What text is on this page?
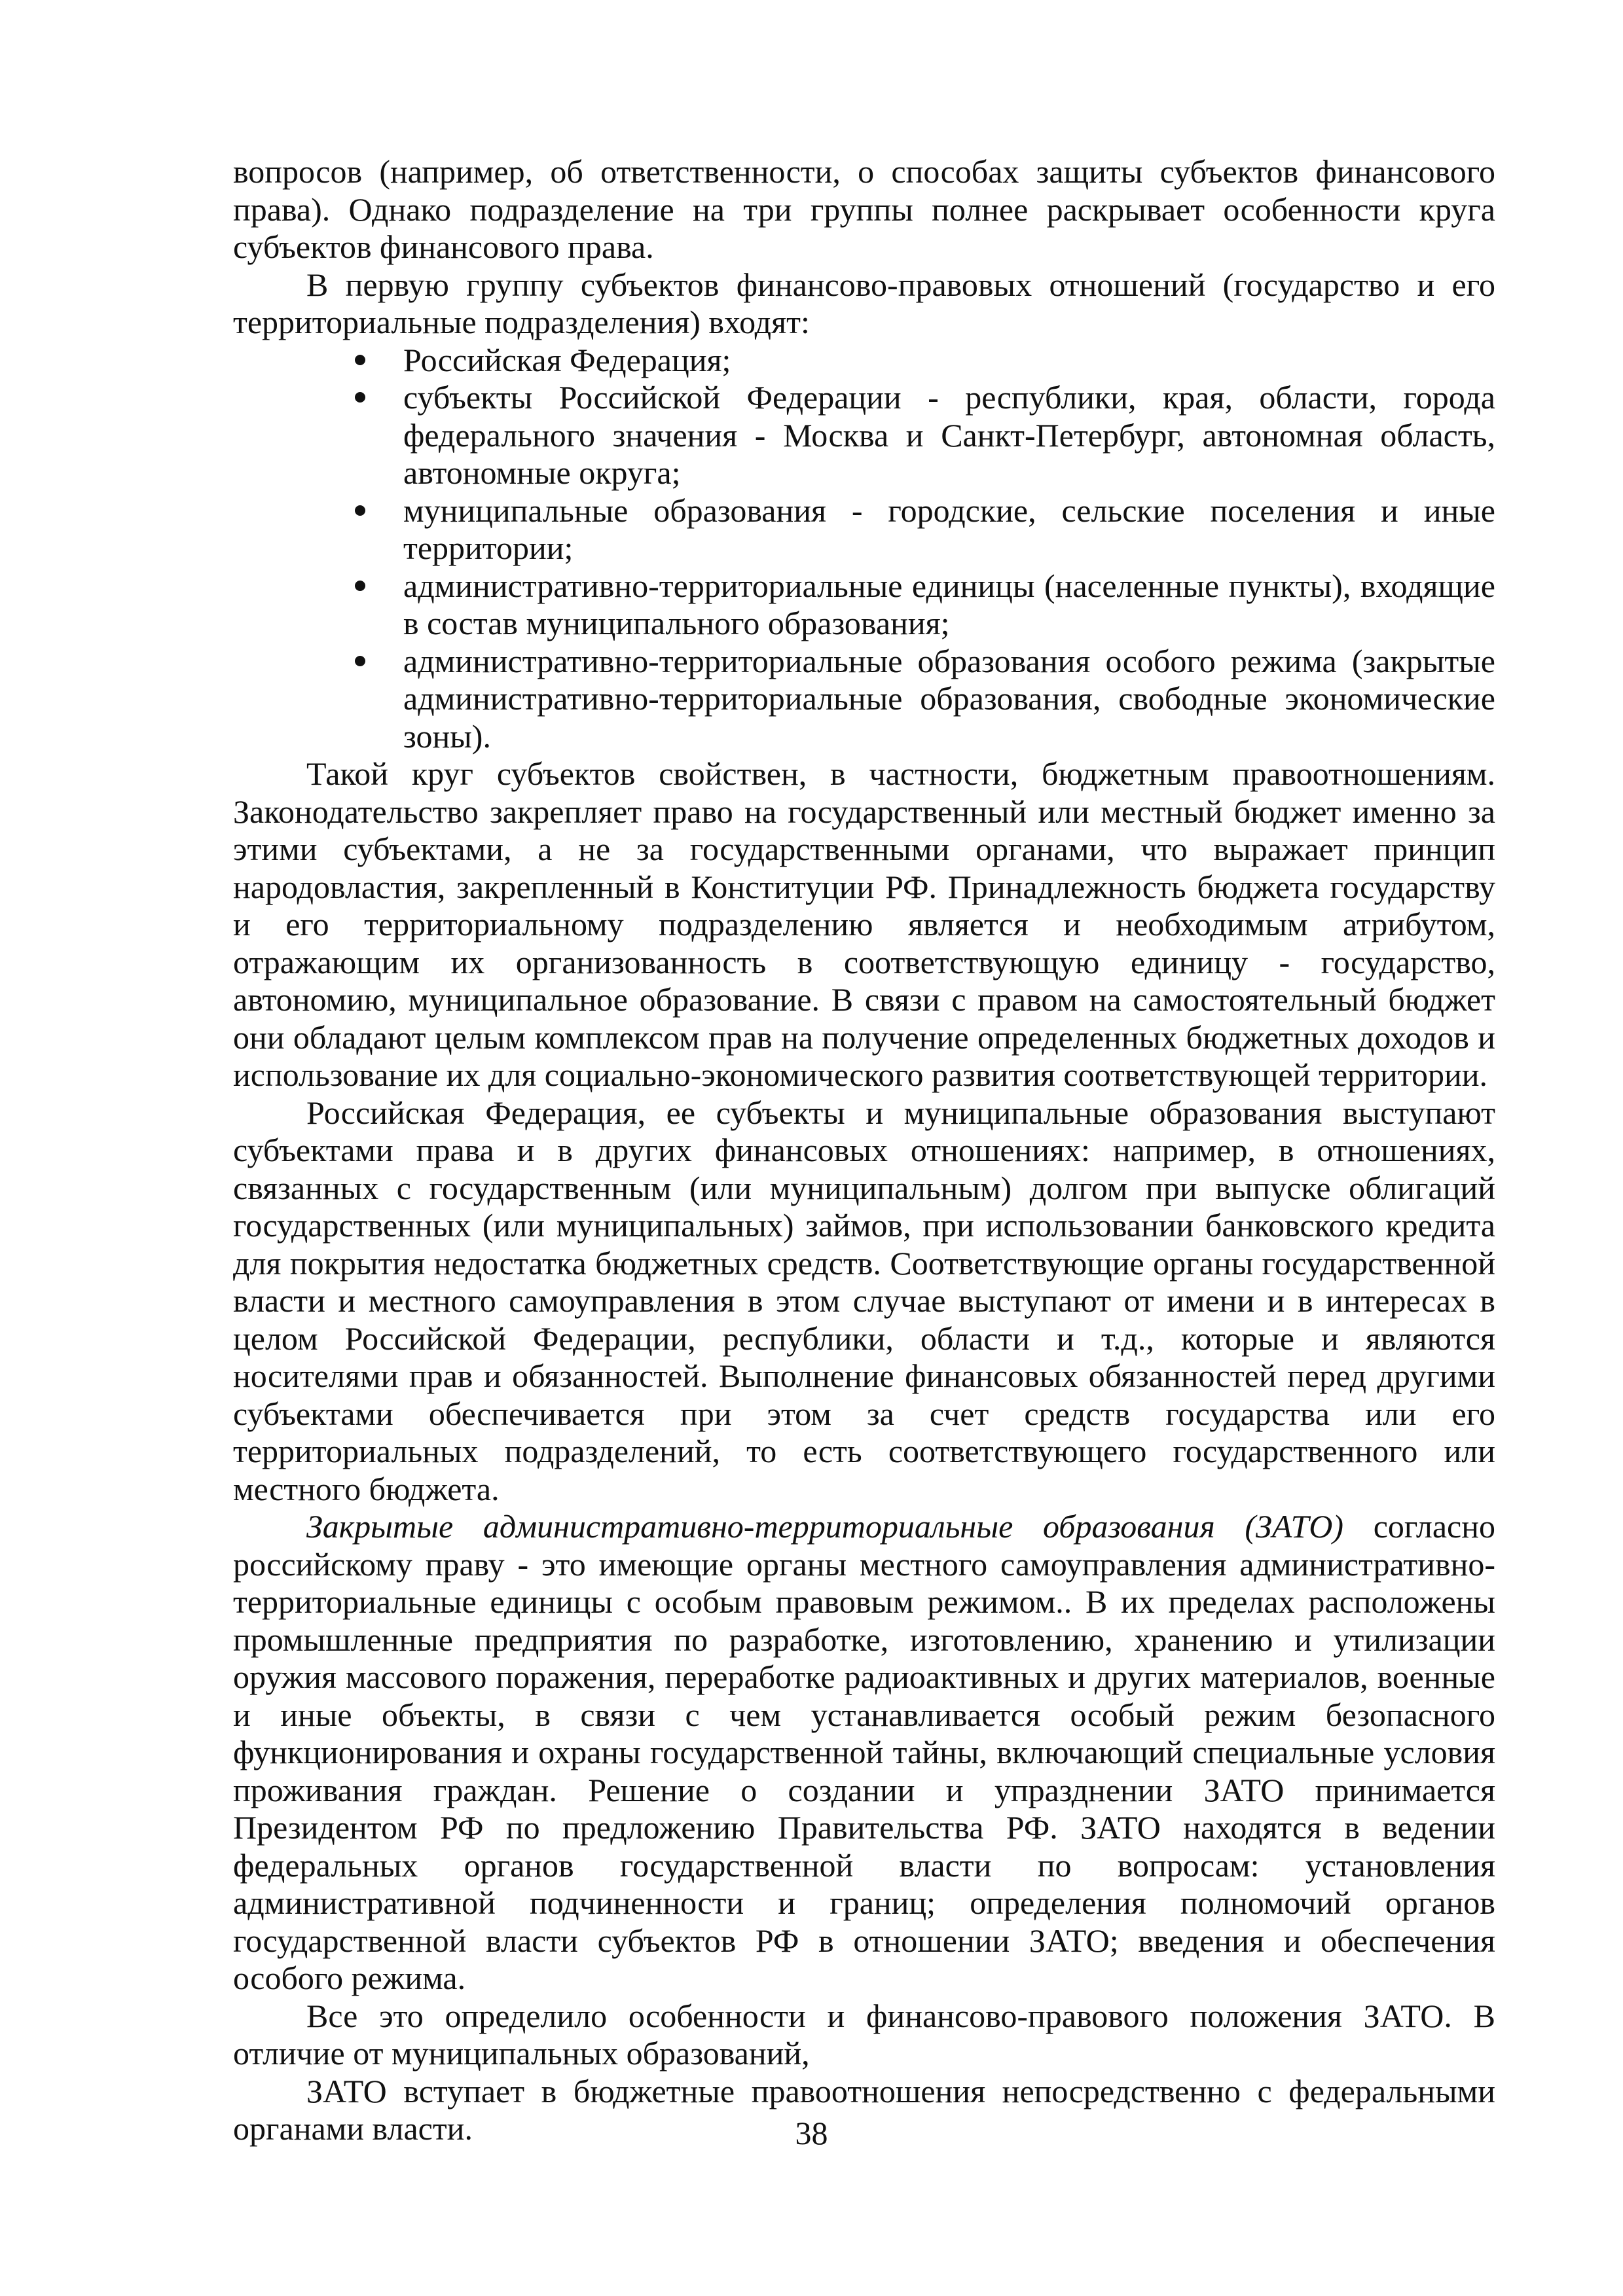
вопросов (например, об ответственности, о способах защиты субъектов финансового права). Однако подразделение на три группы полнее раскрывает особенности круга субъектов финансового права.

В первую группу субъектов финансово-правовых отношений (государство и его территориальные подразделения) входят:

Российская Федерация;
субъекты Российской Федерации - республики, края, области, города федерального значения - Москва и Санкт-Петербург, автономная область, автономные округа;
муниципальные образования - городские, сельские поселения и иные территории;
административно-территориальные единицы (населенные пункты), входящие в состав муниципального образования;
административно-территориальные образования особого режима (закрытые административно-территориальные образования, свободные экономические зоны).

Такой круг субъектов свойствен, в частности, бюджетным правоотношениям. Законодательство закрепляет право на государственный или местный бюджет именно за этими субъектами, а не за государственными органами, что выражает принцип народовластия, закрепленный в Конституции РФ. Принадлежность бюджета государству и его территориальному подразделению является и необходимым атрибутом, отражающим их организованность в соответствующую единицу - государство, автономию, муниципальное образование. В связи с правом на самостоятельный бюджет они обладают целым комплексом прав на получение определенных бюджетных доходов и использование их для социально-экономического развития соответствующей территории.

Российская Федерация, ее субъекты и муниципальные образования выступают субъектами права и в других финансовых отношениях: например, в отношениях, связанных с государственным (или муниципальным) долгом при выпуске облигаций государственных (или муниципальных) займов, при использовании банковского кредита для покрытия недостатка бюджетных средств. Соответствующие органы государственной власти и местного самоуправления в этом случае выступают от имени и в интересах в целом Российской Федерации, республики, области и т.д., которые и являются носителями прав и обязанностей. Выполнение финансовых обязанностей перед другими субъектами обеспечивается при этом за счет средств государства или его территориальных подразделений, то есть соответствующего государственного или местного бюджета.

Закрытые административно-территориальные образования (ЗАТО) согласно российскому праву - это имеющие органы местного самоуправления административно-территориальные единицы с особым правовым режимом.. В их пределах расположены промышленные предприятия по разработке, изготовлению, хранению и утилизации оружия массового поражения, переработке радиоактивных и других материалов, военные и иные объекты, в связи с чем устанавливается особый режим безопасного функционирования и охраны государственной тайны, включающий специальные условия проживания граждан. Решение о создании и упразднении ЗАТО принимается Президентом РФ по предложению Правительства РФ. ЗАТО находятся в ведении федеральных органов государственной власти по вопросам: установления административной подчиненности и границ; определения полномочий органов государственной власти субъектов РФ в отношении ЗАТО; введения и обеспечения особого режима.

Все это определило особенности и финансово-правового положения ЗАТО. В отличие от муниципальных образований,

ЗАТО вступает в бюджетные правоотношения непосредственно с федеральными органами власти.	38
